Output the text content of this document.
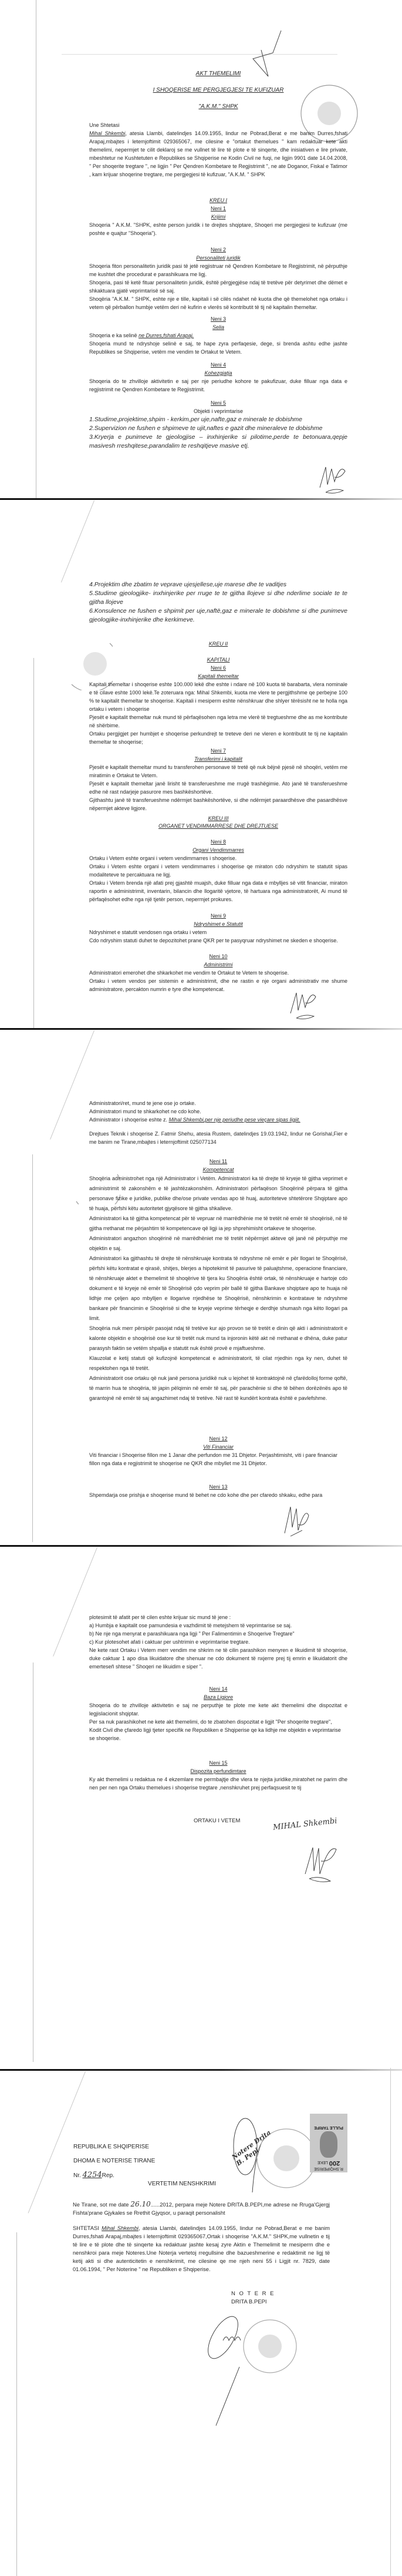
AKT THEMELIMI
I SHOQERISE ME PERGJEGJESI TE KUFIZUAR
"A.K.M." SHPK

Une Shtetasi

Mihal Shkembi, atesia Llambi, datelindjes 14.09.1955, lindur ne Pobrad,Berat e me banim Durres,fshati Arapaj,mbajtes i letemjoftimit 029365067, me cilesine e "ortakut themelues " kam redaktuar kete akti themelimi, nepermjet te cilit deklaroj se me vullnet të lire të plote e të sinqerte, dhe inisiativen e lire private, mbeshtetur ne Kushtetuten e Republikes se Shqiperise ne Kodin Civil ne fuqi, ne ligjin 9901 date 14.04.2008, " Per shoqerite tregtare ", ne ligjin " Per Qendren Kombetare te Regjistrimit ", ne ate Doganor, Fiskal e Tatimor , kam krijuar shoqerine tregtare, me pergjegjesi të kufizuar, "A.K.M. " SHPK

KREU I

Neni 1

Krijimi

Shoqeria " A.K.M. "SHPK, eshte person juridik i te drejtes shqiptare, Shoqeri me pergjegjesi te kufizuar (me poshte e quajtur "Shoqeria").

Neni 2

Personaliteti juridik

Shoqeria fiton personalitetin juridik pasi të jetë regjistruar në Qendren Kombetare te Regjistrimit, në përputhje me kushtet dhe procedurat e parashikuara me ligj.

Shoqeria, pasi të ketë fituar personalitetin juridik, është përgjegjëse ndaj të tretëve për detyrimet dhe dëmet e shkaktuara gjatë veprimtarisë së saj.

Shoqëria "A.K.M. " SHPK, eshte nje e tille, kapitali i së cilës ndahet në kuota dhe që themelohet nga ortaku i vetem që përballon humbje vetëm deri në kufirin e vlerës së kontributit të tij në kapitalin themeltar.

Neni 3

Selia

Shoqeria e ka selinë ne Durres,fshati Arapaj.

Shoqeria mund te ndryshoje selinë e saj, te hape zyra perfaqesie, dege, si brenda ashtu edhe jashte Republikes se Shqiperise, vetëm me vendim te Ortakut te Vetem.

Neni 4

Kohezgjatja

Shoqeria do te zhvilloje aktivitetin e saj per nje periudhe kohore te pakufizuar, duke filluar nga data e regjistrimit ne Qendren Kombetare te Regjistrimit.

Neni 5

Objekti i veprimtarise

1.Studime,projektime,shpim - kerkim,per uje,nafte,gaz e minerale te dobishme

2.Supervizion ne fushen e shpimeve te ujit,naftes e gazit dhe mineraleve te dobishme

3.Kryerja e punimeve te gjeologjise – inxhinjerike si pilotime,perde te betonuara,qepje masivesh rreshqitese,parandalim te reshqitjeve masive etj.

4.Projektim dhe zbatim te veprave ujesjellese,uje marese dhe te vaditjes

5.Studime gjeologjike- inxhinjerike per rruge te te gjitha llojeve si dhe nderlime sociale te te gjitha llojeve

6.Konsulence ne fushen e shpimit per uje,naftë,gaz e minerale te dobishme si dhe punimeve gjeologjike-inxhinjerike dhe kerkimeve.

KREU II
KAPITALI

Neni 6

Kapitali themeltar

Kapitali themeltar i shoqerise eshte 100.000 lekë dhe eshte i ndare në 100 kuota të barabarta, vlera nominale e të cilave eshte 1000 lekë.Te zoteruara nga: Mihal Shkembi, kuota me vlere te pergjithshme qe perbejne 100 % te kapitalit themeltar te shoqerise. Kapitali i mesiperm eshte nënshkruar dhe shlyer tërësisht ne te holla nga ortaku i vetem i shoqerise

Pjesët e kapitalit themeltar nuk mund të përfaqësohen nga letra me vlerë të tregtueshme dhe as me kontribute në shërbime.

Ortaku pergjigjet per humbjet e shoqerise perkundrejt te treteve deri ne vleren e kontributit te tij ne kapitalin themeltar te shoqerise;

Neni 7

Transferimi i kapitalit

Pjesët e kapitalit themeltar mund tu transferohen personave të tretë që nuk bëjnë pjesë në shoqëri, vetëm me miratimin e Ortakut te Vetem.

Pjesët e kapitalit themeltar janë lirisht të transferueshme me rrugë trashëgimie. Ato janë të transferueshme edhe në rast ndarjeje pasurore mes bashkëshortëve.

Gjithashtu janë të transferueshme ndërmjet bashkëshortëve, si dhe ndërmjet paraardhësve dhe pasardhësve nëpermjet akteve ligjore.

KREU III
ORGANET VENDIMMARRESE DHE DREJTUESE

Neni 8

Organi Vendimmarres

Ortaku i Vetem eshte organi i vetem vendimmarres i shoqerise.

Ortaku i Vetem eshte organi i vetem vendimmarres i shoqerise qe miraton cdo ndryshim te statutit sipas modaliteteve te percaktuara ne ligj.

Ortaku i Vetem brenda një afati prej gjashtë muajsh, duke filluar nga data e mbylljes së vitit financiar, miraton raportin e administrimit, inventarin, bilancin dhe llogaritë vjetore, të hartuara nga administratorët, Ai mund të përfaqësohet edhe nga një tjetër person, nepermjet prokures.

Neni 9

Ndryshimet e Statutit

Ndryshimet e statutit vendosen nga ortaku i vetem

Cdo ndryshim statuti duhet te depozitohet prane QKR per te pasyqruar ndryshimet ne skeden e shoqerise.

Neni 10

Administrimi

Administratori emerohet dhe shkarkohet me vendim te Ortakut te Vetem te shoqerise.

Ortaku i vetem vendos per sistemin e administrimit, dhe ne rastin e nje organi administrativ me shume administratore, percakton numrin e tyre dhe kompetencat.

Administratori/ret, mund te jene ose jo ortake.

Administratori mund te shkarkohet ne cdo kohe.

Administrator i shoqerise eshte z. Mihal Shkembi,per nje periudhe pese vieçare sipas ligjit.

Drejtues Teknik i shoqerise Z. Fatmir Shehu, atesia Rustem, datelindjes 19.03.1942, lindur ne Gorishal,Fier e me banim ne Tirane,mbajtes i leternjoftimit 025077134

Neni 11

Kompetencat

Shoqëria administrohet nga një Administrator i Vetëm. Administratori ka të drejte të kryeje të gjitha veprimet e administrimit të zakonshëm e të jashtëzakonshëm. Administratori përfaqëson Shoqërinë përpara të gjitha personave fizike e juridike, publike dhe/ose private vendas apo të huaj, autoriteteve shtetërore Shqiptare apo të huaja, përfshi këtu autoritetet gjyqësore të gjitha shkalleve.

Administratori ka të gjitha kompetencat për të vepruar në marrëdhënie me të tretët në emër të shoqërisë, në të gjitha rrethanat me përjashtim të kompetencave që ligji ia jep shprehimisht ortakeve te shoqerise.

Administratori angazhon shoqërinë në marrëdhëniet me të tretët nëpërmjet akteve që janë në përputhje me objektin e saj.

Administratori ka gjithashtu të drejte të nënshkruaje kontrata të ndryshme në emër e për llogari te Shoqërisë, përfshi këtu kontratat e qirasë, shitjes, blerjes a hipotekimit të pasurive të paluajtshme, operacione financiare, të nënshkruaje aktet e themelimit të shoqërive të tjera ku Shoqëria është ortak, të nënshkruaje e hartoje cdo dokument e të kryeje në emër të Shoqërisë çdo veprim për ballë të gjitha Bankave shqiptare apo te huaja në lidhje me çeljen apo mbylljen e llogarive rrjedhëse te Shoqërisë, nënshkrimin e kontratave te ndryshme bankare për financimin e Shoqërisë si dhe te kryeje veprime tërheqje e derdhje shumash nga këto llogari pa limit.

Shoqëria nuk merr përsipër pasojat ndaj të tretëve kur ajo provon se të tretët e dinin që akti i administratorit e kalonte objektin e shoqërisë ose kur të tretët nuk mund ta injoronin këtë akt në rrethanat e dhëna, duke patur parasysh faktin se vetëm shpallja e statutit nuk është provë e mjaftueshme.

Klauzolat e ketij statuti që kufizojnë kompetencat e administratorit, të cilat rrjedhin nga ky nen, duhet të respektohen nga të tretët.

Administratorit ose ortaku që nuk janë persona juridikë nuk u lejohet të kontraktojnë në çfarëdolloj forme qoftë, të marrin hua te shoqëria, të japin pëlqimin në emër të saj, për parachënie si dhe të bëhen dorëzënës apo të garantojnë në emër të saj angazhimet ndaj të tretëve. Në rast të kundërt kontrata është e pavlefshme.

Neni 12

Viti Financiar

Viti financiar i Shoqerise fillon me 1 Janar dhe perfundon me 31 Dhjetor. Perjashtimisht, viti i pare financiar

fillon nga data e regjistrimit te shoqerise ne QKR dhe mbyllet me 31 Dhjetor.

Neni 13

Shpemdarja ose prishja e shoqerise mund të behet ne cdo kohe dhe per cfaredo shkaku, edhe para

plotesimit të afatit per të cilen eshte krijuar sic mund të jene :

a) Humbja e kapitalit ose pamundesia e vazhdimit të metejshem të veprimtarise se saj.

b) Ne nje nga menyrat e parashikuara nga ligji " Per Falimentimin e Shoqerive Tregtare"

c) Kur plotesohet afati i caktuar per ushtrimin e veprimtarise tregtare.

Ne kete rast Ortaku i Vetem merr vendim me shkrim ne të cilin parashikon menyren e likuidimit të shoqerise, duke caktuar 1 apo disa likuidatore dhe shenuar ne cdo dokument të nxjerre prej tij emrin e likuidatorit dhe emerteseñ shtese " Shoqeri ne likuidim e siper ".

Neni 14

Baza Ligjore

Shoqeria do te zhvilloje aktivitetin e saj ne perputhje te plote me kete akt themelimi dhe dispozitat e legjislacionit shqiptar.

Per sa nuk parashikohet ne kete akt themelimi, do te zbatohen dispozitat e ligjit "Per shoqerite tregtare",

Kodit Civil dhe çfaredo ligji tjeter specifik ne Republiken e Shqiperise qe ka lidhje me objektin e veprimtarise

se shoqerise.

Neni 15

Dispozita perfundimtare

Ky akt themelimi u redaktua ne 4 ekzemlare me permbajtje dhe vlera te njejta juridike,miratohet ne parim dhe nen per nen nga Ortaku themelues i shoqerise tregtare ,nenshkruhet prej perfaqsuesit te tij

ORTAKU I VETEM	MIHAL Shkembi

REPUBLIKA E SHQIPERISE

DHOMA E NOTERISE TIRANE

Nr. 4254Rep.
Notere Drita B. Pepi
R.SHQIPERISE
200 LEKE
PULLE TARIFE
VERTETIM NENSHKRIMI

Ne Tirane, sot me date 26.10......2012, perpara meje Notere DRITA.B.PEPI,me adrese ne Rruga'Gjergj Fishta'prane Gjykales se Rrethit Gjyqsor, u paraqit personalisht

SHTETASI Mihal Shkembi, atesia Llambi, datelindjes 14.09.1955, lindur ne Pobrad,Berat e me banim Durres,fshati Arapaj,mbajtes i leternjoftimit 029365067,Ortak i shoqerise "A.K.M." SHPK,me vullnetin e tij të lire e të plote dhe të sinqerte ka redaktuar jashte kesaj zyre Aktin e Themelimit te mesiperm dhe e nenshkroi para meje Noteres.Une Noterja vertetoj rregullsine dhe bazueshmerine e redaktimit ne ligj të ketij akti si dhe autenticitetin e nenshkrimit, me cilesine qe me njeh neni 55 i Ligjit nr. 7829, date 01.06.1994, " Per Noterine " ne Republiken e Shqiperise.

N O T E R E
DRITA B.PEPI
